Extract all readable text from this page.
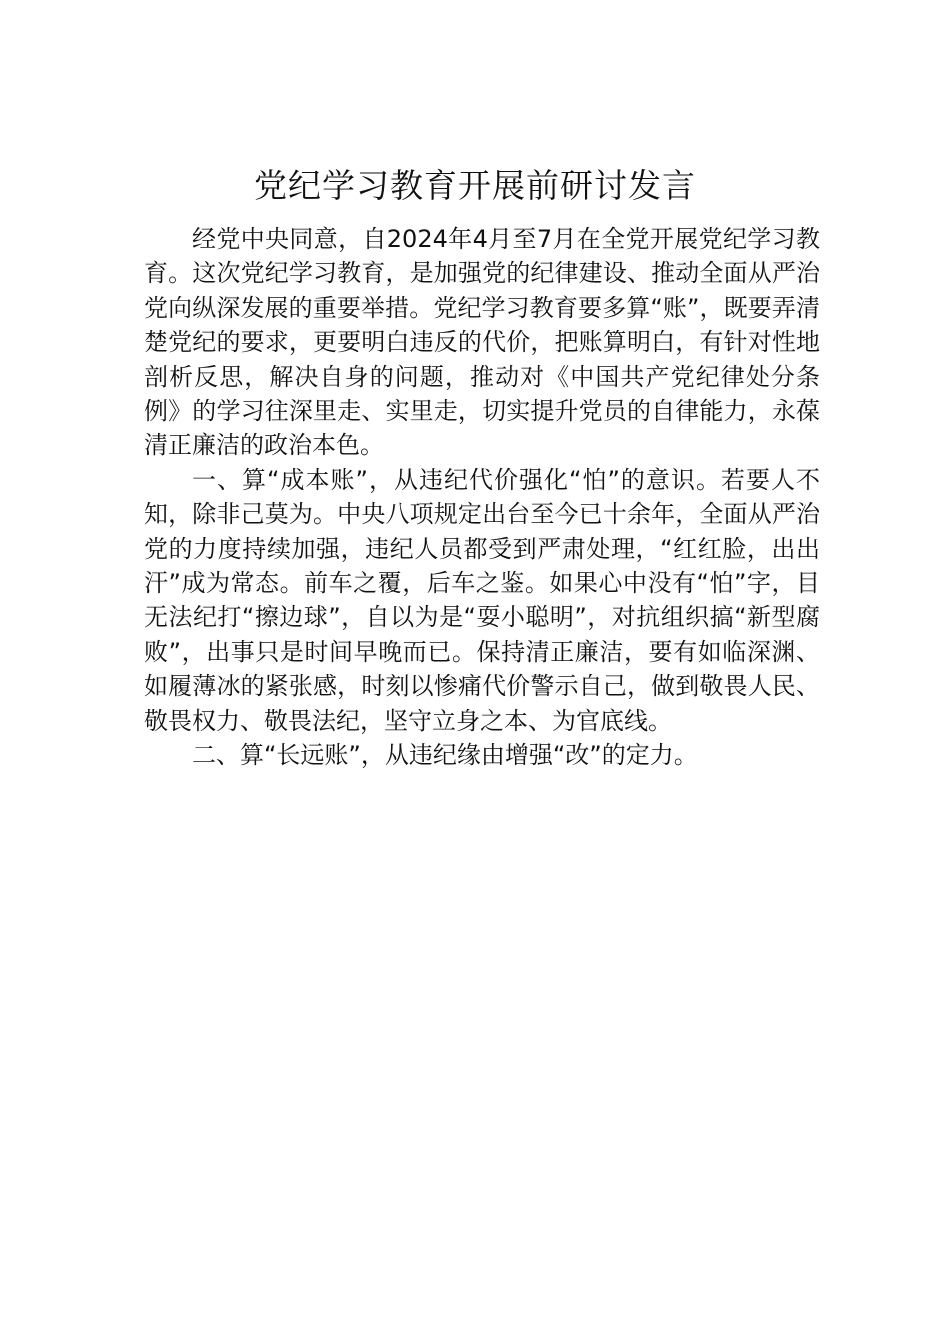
党纪学习教育开展前研讨发言

经党中央同意，自2024年4月至7月在全党开展党纪学习教育。这次党纪学习教育，是加强党的纪律建设、推动全面从严治党向纵深发展的重要举措。党纪学习教育要多算“账”，既要弄清楚党纪的要求，更要明白违反的代价，把账算明白，有针对性地剖析反思，解决自身的问题，推动对《中国共产党纪律处分条例》的学习往深里走、实里走，切实提升党员的自律能力，永葆清正廉洁的政治本色。

一、算“成本账”，从违纪代价强化“怕”的意识。若要人不知，除非己莫为。中央八项规定出台至今已十余年，全面从严治党的力度持续加强，违纪人员都受到严肃处理，“红红脸，出出汗”成为常态。前车之覆，后车之鉴。如果心中没有“怕”字，目无法纪打“擦边球”，自以为是“耍小聪明”，对抗组织搞“新型腐败”，出事只是时间早晚而已。保持清正廉洁，要有如临深渊、如履薄冰的紧张感，时刻以惨痛代价警示自己，做到敬畏人民、敬畏权力、敬畏法纪，坚守立身之本、为官底线。

二、算“长远账”，从违纪缘由增强“改”的定力。
